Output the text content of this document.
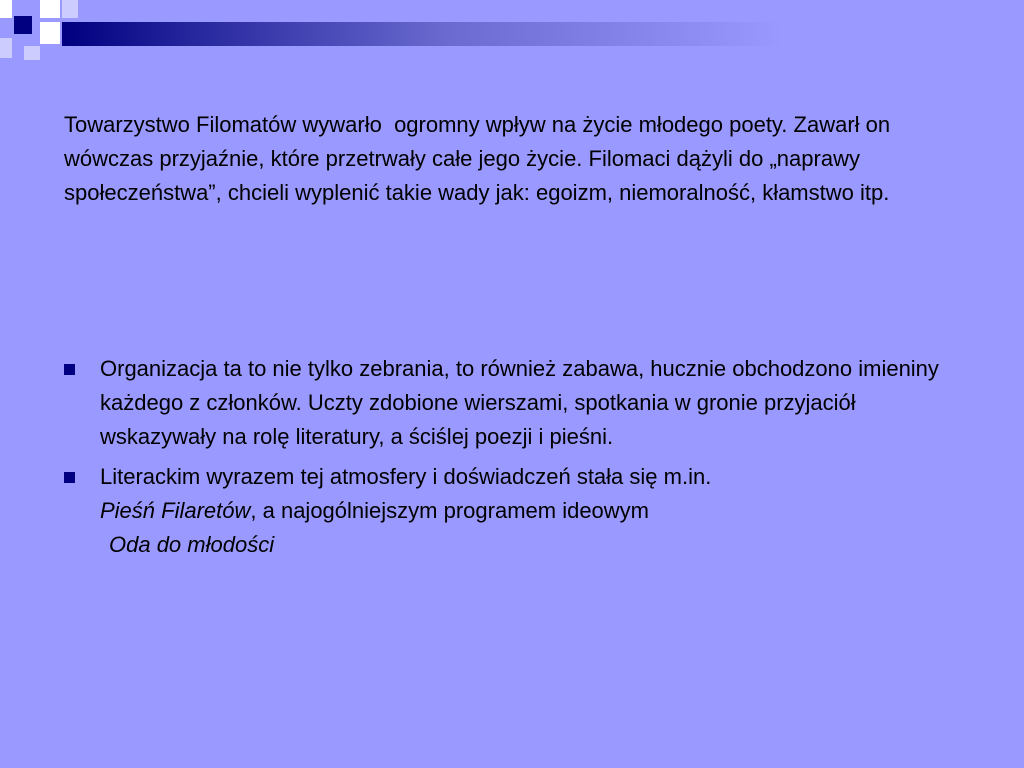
Towarzystwo Filomatów wywarło  ogromny wpływ na życie młodego poety. Zawarł on wówczas przyjaźnie, które przetrwały całe jego życie. Filomaci dążyli do „naprawy społeczeństwa”, chcieli wyplenić takie wady jak: egoizm, niemoralność, kłamstwo itp.

Organizacja ta to nie tylko zebrania, to również zabawa, hucznie obchodzono imieniny każdego z członków. Uczty zdobione wierszami, spotkania w gronie przyjaciół wskazywały na rolę literatury, a ściślej poezji i pieśni.
Literackim wyrazem tej atmosfery i doświadczeń stała się m.in.
Pieśń Filaretów, a najogólniejszym programem ideowym
Oda do młodości
